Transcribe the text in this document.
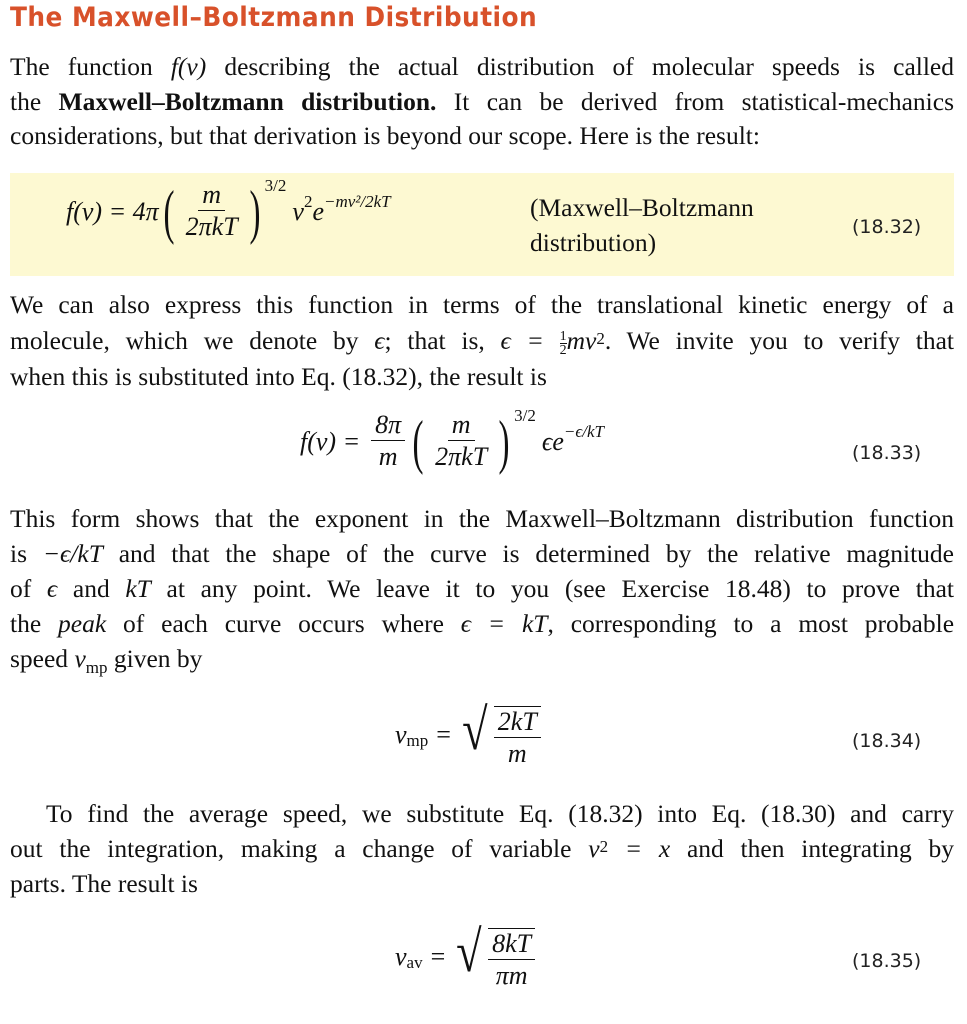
The Maxwell–Boltzmann Distribution
The function f(v) describing the actual distribution of molecular speeds is called
the Maxwell–Boltzmann distribution. It can be derived from statistical-mechanics
considerations, but that derivation is beyond our scope. Here is the result:
f(v) = 4π ( $\frac{m}{\text{2πkT}}$ ) $^{3/2}$
$v^2$ e $^{-mv^2/2kT}$	(Maxwell–Boltzmann
distribution)
(18.32)
We can also express this function in terms of the translational kinetic energy of a
molecule, which we denote by ϵ; that is, $\epsilon = \frac{1}{2} mv^2$. We invite you to verify that
when this is substituted into Eq. (18.32), the result is
$f(v) = \frac{8\pi}{m}$ ( $\frac{m}{\text{2πkT}}$ ) $^{3/2}$
ϵe $^{-\epsilon/kT}$
(18.33)
This form shows that the exponent in the Maxwell–Boltzmann distribution function
is −ϵ/kT and that the shape of the curve is determined by the relative magnitude
of ϵ and kT at any point. We leave it to you (see Exercise 18.48) to prove that
the peak of each curve occurs where ϵ = kT, corresponding to a most probable
speed $v_{mp}$ given by
$v_{mp}$ = √ $\frac{2kT}{m}$	(18.34)
To find the average speed, we substitute Eq. (18.32) into Eq. (18.30) and carry
out the integration, making a change of variable $v^2 = x$ and then integrating by
parts. The result is
$v_{av}$ = √ $\frac{8kT}{\pi m}$	(18.35)
